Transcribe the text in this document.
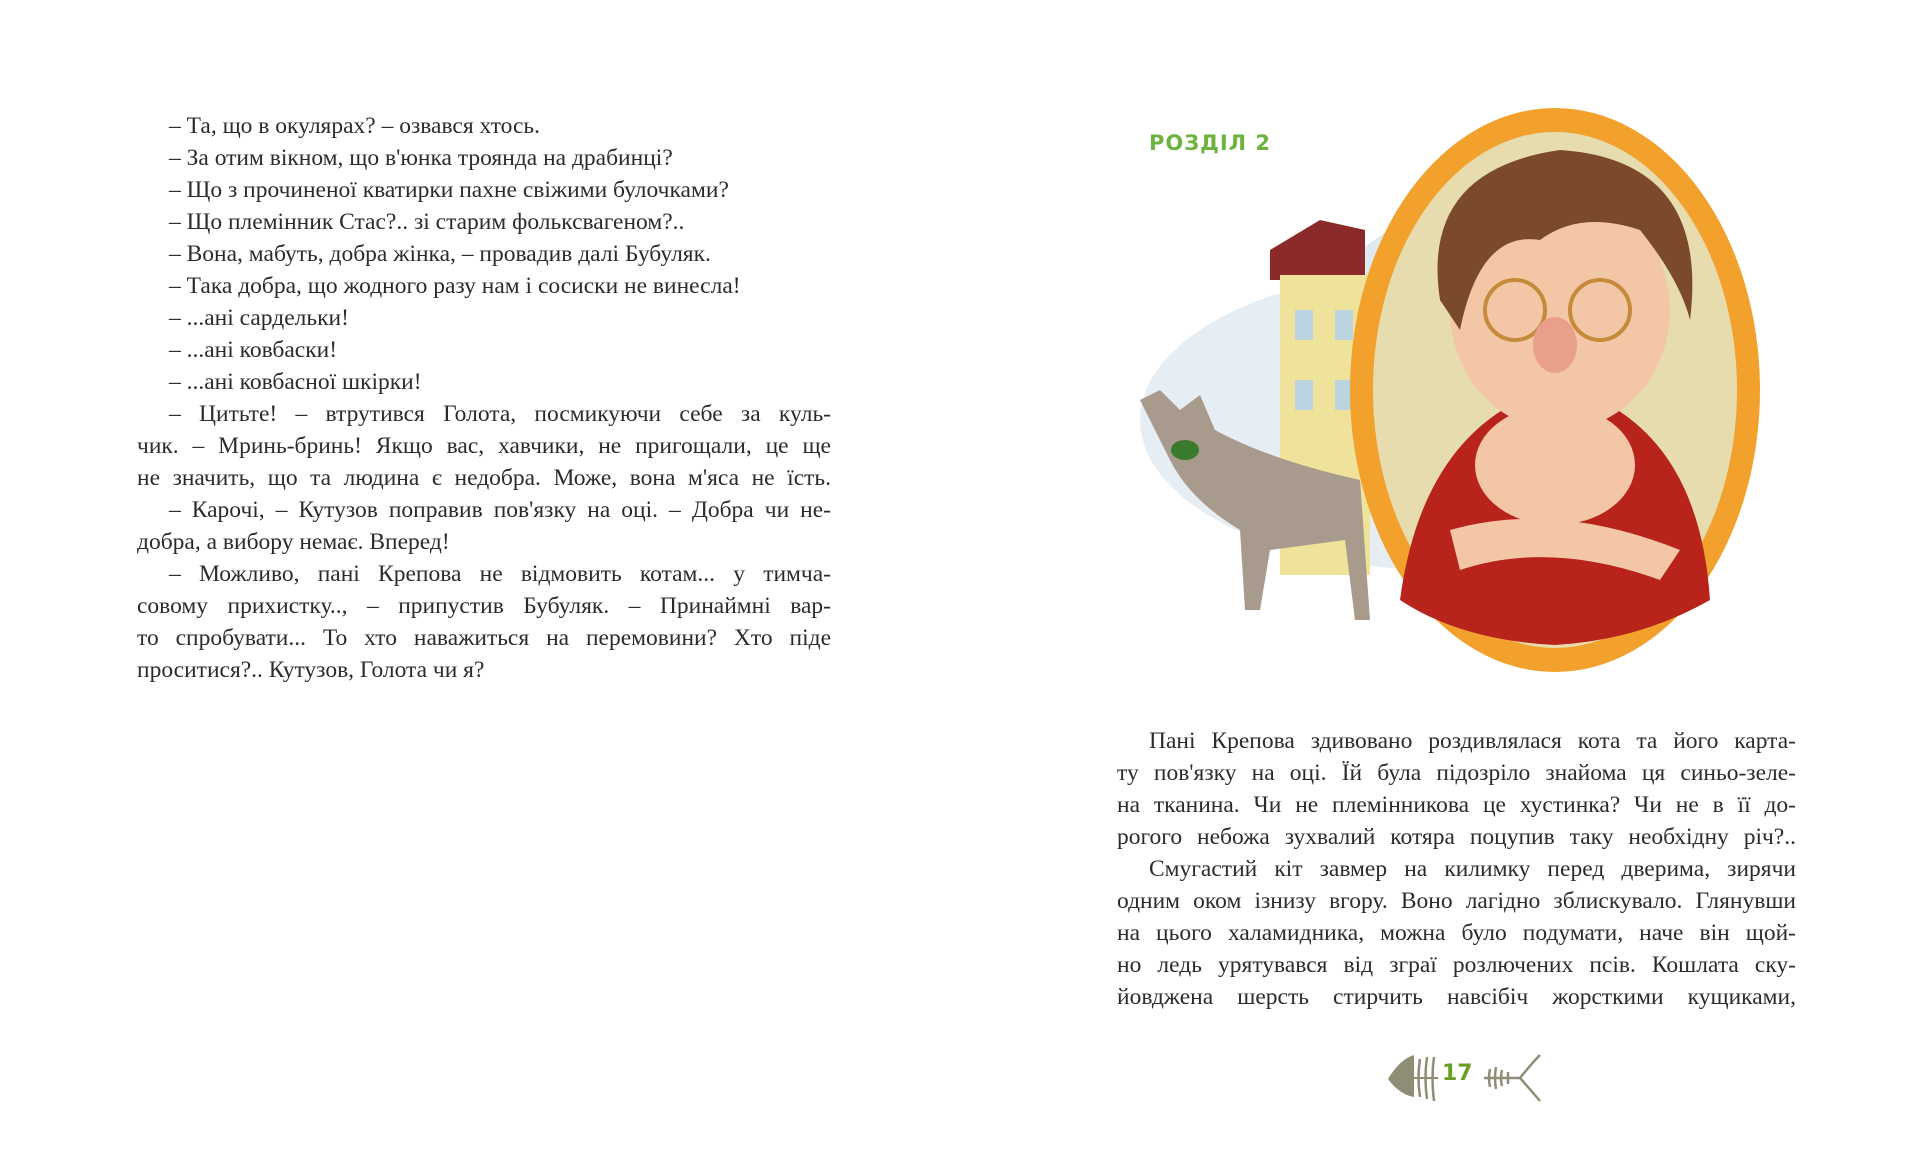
– Та, що в окулярах? – озвався хтось.
– За отим вікном, що в'юнка троянда на драбинці?
– Що з прочиненої кватирки пахне свіжими булочками?
– Що племінник Стас?.. зі старим фольксвагеном?..
– Вона, мабуть, добра жінка, – провадив далі Бубуляк.
– Така добра, що жодного разу нам і сосиски не винесла!
– ...ані сардельки!
– ...ані ковбаски!
– ...ані ковбасної шкірки!
– Цитьте! – втрутився Голота, посмикуючи себе за куль-
чик. – Мринь-бринь! Якщо вас, хавчики, не пригощали, це ще
не значить, що та людина є недобра. Може, вона м'яса не їсть.
– Карочі, – Кутузов поправив пов'язку на оці. – Добра чи не-
добра, а вибору немає. Вперед!
– Можливо, пані Крепова не відмовить котам... у тимча-
совому прихистку.., – припустив Бубуляк. – Принаймні вар-
то спробувати... То хто наважиться на перемовини? Хто піде
проситися?.. Кутузов, Голота чи я?
РОЗДІЛ 2
Пані Крепова здивовано роздивлялася кота та його карта-
ту пов'язку на оці. Їй була підозріло знайома ця синьо-зеле-
на тканина. Чи не племінникова це хустинка? Чи не в її до-
рогого небожа зухвалий котяра поцупив таку необхідну річ?..
Смугастий кіт завмер на килимку перед дверима, зирячи
одним оком ізнизу вгору. Воно лагідно зблискувало. Глянувши
на цього халамидника, можна було подумати, наче він щой-
но ледь урятувався від зграї розлючених псів. Кошлата ску-
йовджена шерсть стирчить навсібіч жорсткими кущиками,
17
